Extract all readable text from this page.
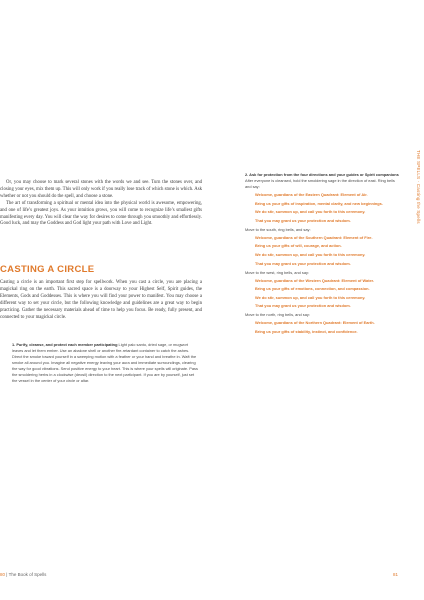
Or, you may choose to mark several stones with the words we and see. Turn the stones over, and closing your eyes, mix them up. This will only work if you really lose track of which stone is which. Ask whether or not you should do the spell, and choose a stone.

The art of transforming a spiritual or mental idea into the physical world is awesome, empowering, and one of life’s greatest joys. As your intuition grows, you will come to recognize life’s smallest gifts manifesting every day. You will clear the way for desires to come through you smoothly and effortlessly. Good luck, and may the Goddess and God light your path with Love and Light.

CASTING A CIRCLE

Casting a circle is an important first step for spellwork. When you cast a circle, you are placing a magickal ring on the earth. This sacred space is a doorway to your Highest Self, Spirit guides, the Elements, Gods and Goddesses. This is where you will find your power to manifest. You may choose a different way to set your circle, but the following knowledge and guidelines are a great way to begin practicing. Gather the necessary materials ahead of time to help you focus. Be ready, fully present, and connected to your magickal circle.

1. Purify, cleanse, and protect each member participating Light palo santo, dried sage, or mugwort leaves and let them ember. Use an abalone shell or another fire-retardant container to catch the ashes. Direct the smoke toward yourself in a sweeping motion with a feather or your hand and breathe in. Waft the smoke all around you. Imagine all negative energy leaving your aura and immediate surroundings, clearing the way for good vibrations. Send positive energy to your heart. This is where your spells will originate. Pass the smoldering herbs in a clockwise (deosil) direction to the next participant. If you are by yourself, just set the vessel in the center of your circle or altar.
80 | The Book of Spells
THE SPELLS · Casting the Spells

2. Ask for protection from the four directions and your guides or Spirit companions

After everyone is cleansed, hold the smoldering sage in the direction of east. Ring bells and say:

Welcome, guardians of the Eastern Quadrant: Element of Air.

Bring us your gifts of inspiration, mental clarity, and new beginnings.

We do stir, summon up, and call you forth to this ceremony.

That you may grant us your protection and wisdom.

Move to the south, ring bells, and say:

Welcome, guardians of the Southern Quadrant: Element of Fire.

Bring us your gifts of will, courage, and action.

We do stir, summon up, and call you forth to this ceremony.

That you may grant us your protection and wisdom.

Move to the west, ring bells, and say:

Welcome, guardians of the Western Quadrant: Element of Water.

Bring us your gifts of emotions, connection, and compassion.

We do stir, summon up, and call you forth to this ceremony.

That you may grant us your protection and wisdom.

Move to the north, ring bells, and say:

Welcome, guardians of the Northern Quadrant: Element of Earth.

Bring us your gifts of stability, instinct, and confidence.

81
